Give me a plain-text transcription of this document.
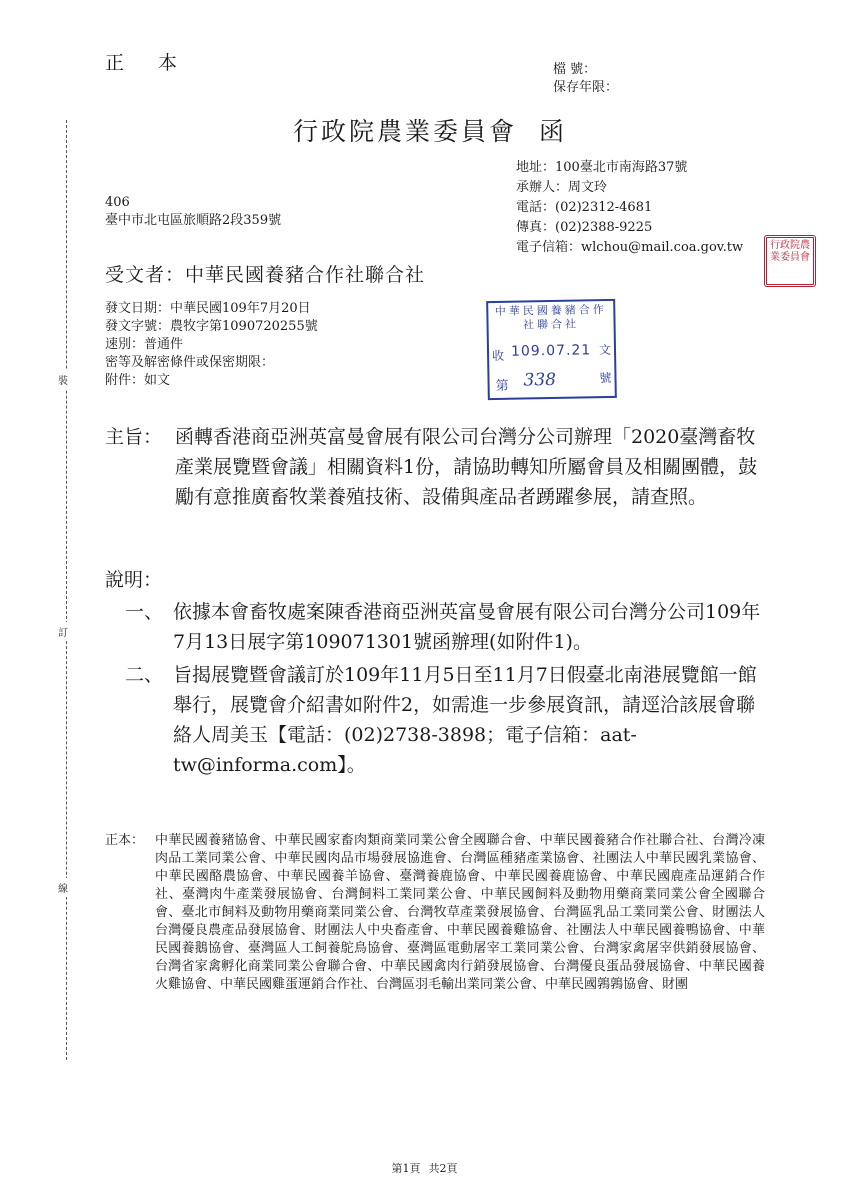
裝
訂
線
正 本	檔 號：
保存年限：
行政院農業委員會 函
地址：100臺北市南海路37號
承辦人：周文玲
電話：(02)2312-4681
傳真：(02)2388-9225
電子信箱：wlchou@mail.coa.gov.tw	行政院農業委員會
406
臺中市北屯區旅順路2段359號
受文者：中華民國養豬合作社聯合社
發文日期：中華民國109年7月20日
發文字號：農牧字第1090720255號
速別：普通件
密等及解密條件或保密期限：
附件：如文
中華民國養豬合作社聯合社
收 109.07.21 文
第 338	號
主旨： 函轉香港商亞洲英富曼會展有限公司台灣分公司辦理「2020臺灣畜牧產業展覽暨會議」相關資料1份，請協助轉知所屬會員及相關團體，鼓勵有意推廣畜牧業養殖技術、設備與產品者踴躍參展，請查照。
說明：
一、 依據本會畜牧處案陳香港商亞洲英富曼會展有限公司台灣分公司109年7月13日展字第109071301號函辦理(如附件1)。
二、 旨揭展覽暨會議訂於109年11月5日至11月7日假臺北南港展覽館一館舉行，展覽會介紹書如附件2，如需進一步參展資訊，請逕洽該展會聯絡人周美玉【電話：(02)2738-3898；電子信箱：aat-tw@informa.com】。
正本： 中華民國養豬協會、中華民國家畜肉類商業同業公會全國聯合會、中華民國養豬合作社聯合社、台灣冷凍肉品工業同業公會、中華民國肉品市場發展協進會、台灣區種豬產業協會、社團法人中華民國乳業協會、中華民國酪農協會、中華民國養羊協會、臺灣養鹿協會、中華民國養鹿協會、中華民國鹿產品運銷合作社、臺灣肉牛產業發展協會、台灣飼料工業同業公會、中華民國飼料及動物用藥商業同業公會全國聯合會、臺北市飼料及動物用藥商業同業公會、台灣牧草產業發展協會、台灣區乳品工業同業公會、財團法人台灣優良農產品發展協會、財團法人中央畜產會、中華民國養雞協會、社團法人中華民國養鴨協會、中華民國養鵝協會、臺灣區人工飼養鴕鳥協會、臺灣區電動屠宰工業同業公會、台灣家禽屠宰供銷發展協會、台灣省家禽孵化商業同業公會聯合會、中華民國禽肉行銷發展協會、台灣優良蛋品發展協會、中華民國養火雞協會、中華民國雞蛋運銷合作社、台灣區羽毛輸出業同業公會、中華民國鶉鶉協會、財團
第1頁 共2頁
